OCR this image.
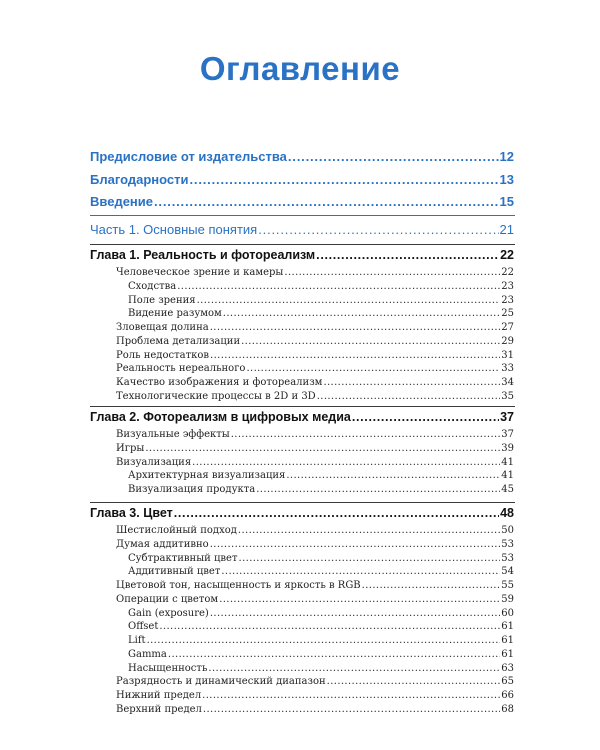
Оглавление
Предисловие от издательства . . .	12
Благодарности . . .	13
Введение . . .	15
Часть 1. Основные понятия . . .	21
Глава 1. Реальность и фотореализм . . .	22
Человеческое зрение и камеры . . .	22
Сходства . . .	23
Поле зрения . . .	23
Видение разумом . . .	25
Зловещая долина . . .	27
Проблема детализации . . .	29
Роль недостатков . . .	31
Реальность нереального . . .	33
Качество изображения и фотореализм . . .	34
Технологические процессы в 2D и 3D . . .	35
Глава 2. Фотореализм в цифровых медиа . . .	37
Визуальные эффекты . . .	37
Игры . . .	39
Визуализация . . .	41
Архитектурная визуализация . . .	41
Визуализация продукта . . .	45
Глава 3. Цвет . . .	48
Шестислойный подход . . .	50
Думая аддитивно . . .	53
Субтрактивный цвет . . .	53
Аддитивный цвет . . .	54
Цветовой тон, насыщенность и яркость в RGB . . .	55
Операции с цветом . . .	59
Gain (exposure) . . .	60
Offset . . .	61
Lift . . .	61
Gamma . . .	61
Насыщенность . . .	63
Разрядность и динамический диапазон . . .	65
Нижний предел . . .	66
Верхний предел . . .	68
